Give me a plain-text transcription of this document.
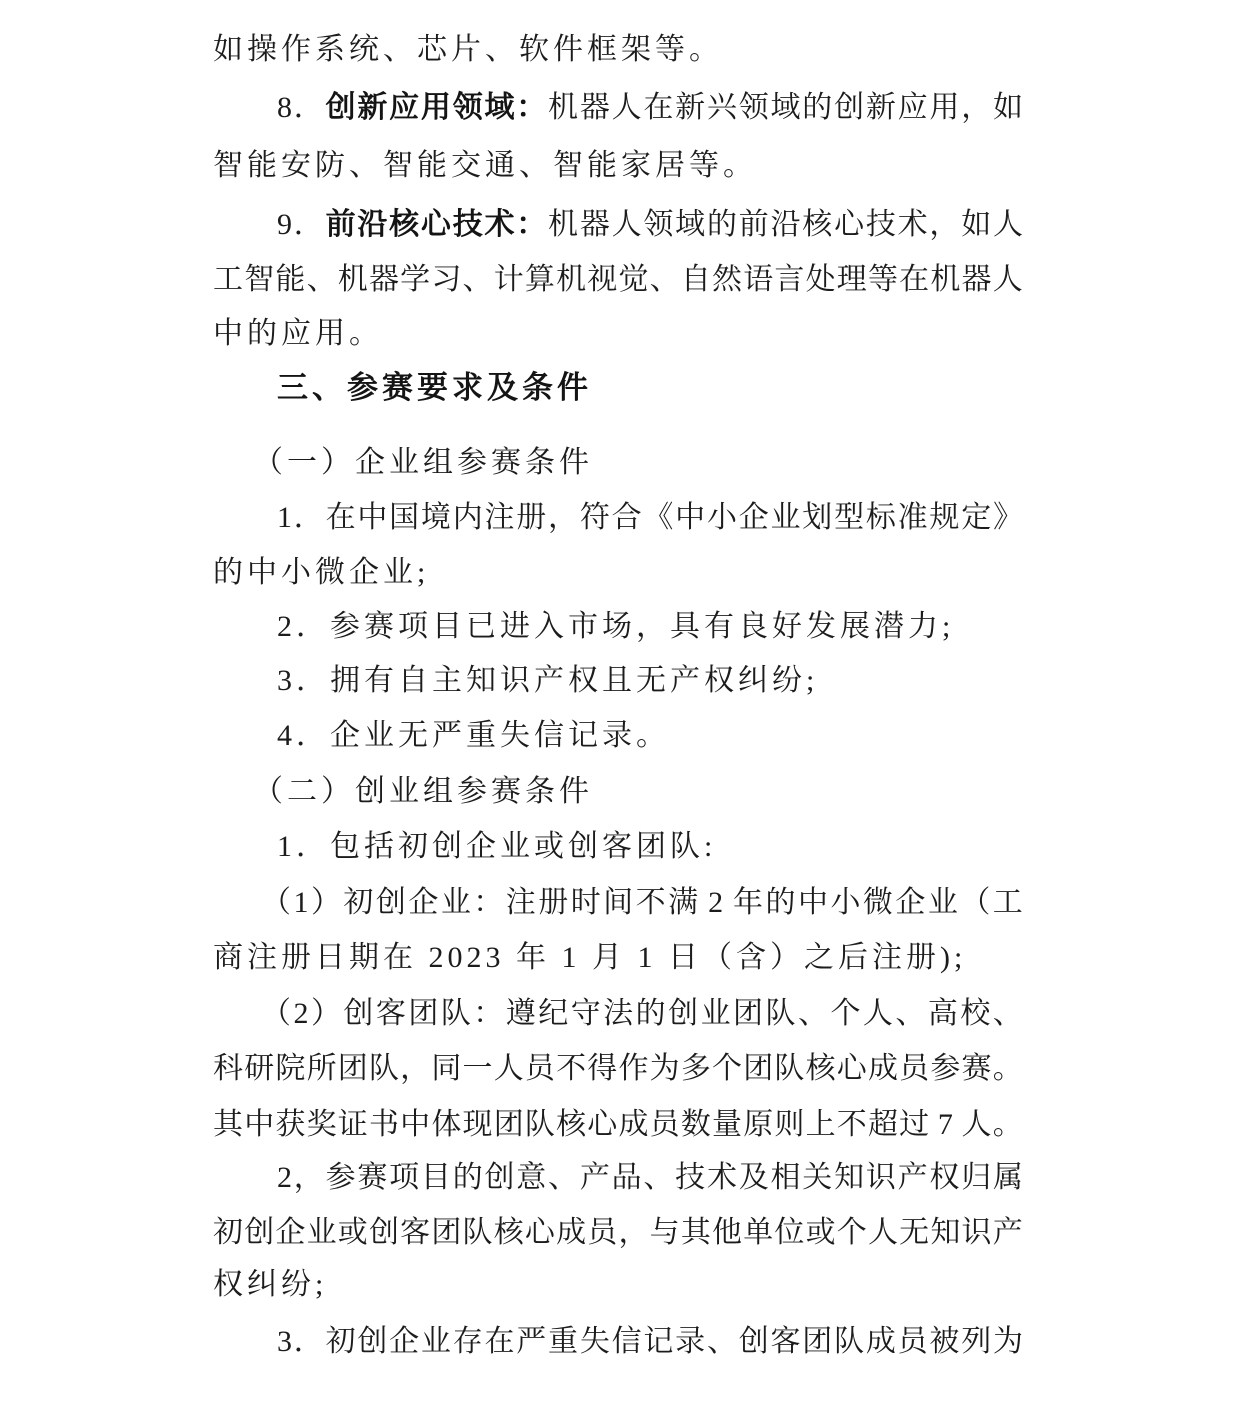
如操作系统、芯片、软件框架等。
8 ． 创 新 应 用 领 域 ： 机 器 人 在 新 兴 领 域 的 创 新 应 用 ， 如
智能安防、智能交通、智能家居等。
9 ． 前 沿 核 心 技 术 ： 机 器 人 领 域 的 前 沿 核 心 技 术 ， 如 人
工 智 能 、 机 器 学 习 、 计 算 机 视 觉 、 自 然 语 言 处 理 等 在 机 器 人
中的应用。
三、参赛要求及条件
（一）企业组参赛条件
1 ． 在 中 国 境 内 注 册 ， 符 合 《 中 小 企 业 划 型 标 准 规 定 》
的中小微企业;
2．参赛项目已进入市场，具有良好发展潜力;
3．拥有自主知识产权且无产权纠纷;
4．企业无严重失信记录。
（二）创业组参赛条件
1．包括初创企业或创客团队:
（ 1 ） 初 创 企 业 ： 注 册 时 间 不 满 2 年 的 中 小 微 企 业 （ 工
商注册日期在 2023 年 1 月 1 日（含）之后注册);
（ 2 ） 创 客 团 队 ： 遵 纪 守 法 的 创 业 团 队 、 个 人 、 高 校 、
科 研 院 所 团 队 ， 同 一 人 员 不 得 作 为 多 个 团 队 核 心 成 员 参 赛 。
其 中 获 奖 证 书 中 体 现 团 队 核 心 成 员 数 量 原 则 上 不 超 过 7 人 。
2 ， 参 赛 项 目 的 创 意 、 产 品 、 技 术 及 相 关 知 识 产 权 归 属
初 创 企 业 或 创 客 团 队 核 心 成 员 ， 与 其 他 单 位 或 个 人 无 知 识 产
权纠纷;
3 ． 初 创 企 业 存 在 严 重 失 信 记 录 、 创 客 团 队 成 员 被 列 为
